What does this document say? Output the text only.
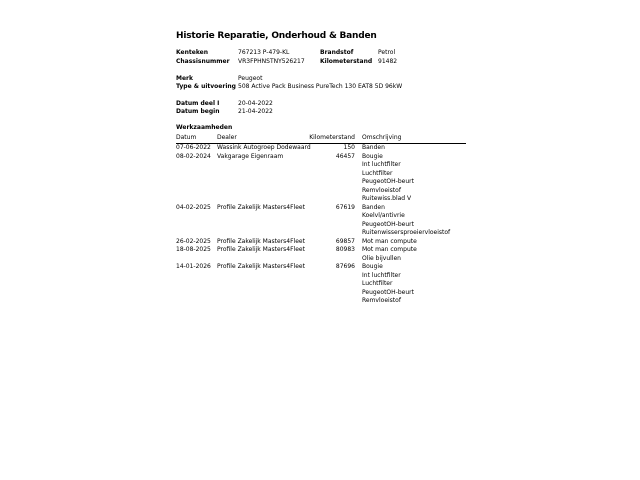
Historie Reparatie, Onderhoud & Banden
Kenteken	767213 P-479-KL	Brandstof	Petrol
Chassisnummer	VR3FPHNSTNY526217	Kilometerstand 91482
Merk	Peugeot
Type & uitvoering 508 Active Pack Business PureTech 130 EAT8 5D 96kW
Datum deel I	20-04-2022
Datum begin	21-04-2022
Werkzaamheden
Datum	Dealer	Kilometerstand Omschrijving
07-06-2022	Wassink Autogroep Dodewaard	150 Banden
08-02-2024	Vakgarage Eigenraam	46457 Bougie
Int luchtfilter
Luchtfilter
PeugeotOH-beurt
Remvloeistof
Ruitewiss.blad V
04-02-2025	Profile Zakelijk Masters4Fleet	67619 Banden
Koelvl/antivrie
PeugeotOH-beurt
Ruitenwissersproeiervloeistof
26-02-2025	Profile Zakelijk Masters4Fleet	69857 Mot man compute
18-08-2025	Profile Zakelijk Masters4Fleet	80983 Mot man compute
Olie bijvullen
14-01-2026	Profile Zakelijk Masters4Fleet	87696 Bougie
Int luchtfilter
Luchtfilter
PeugeotOH-beurt
Remvloeistof
